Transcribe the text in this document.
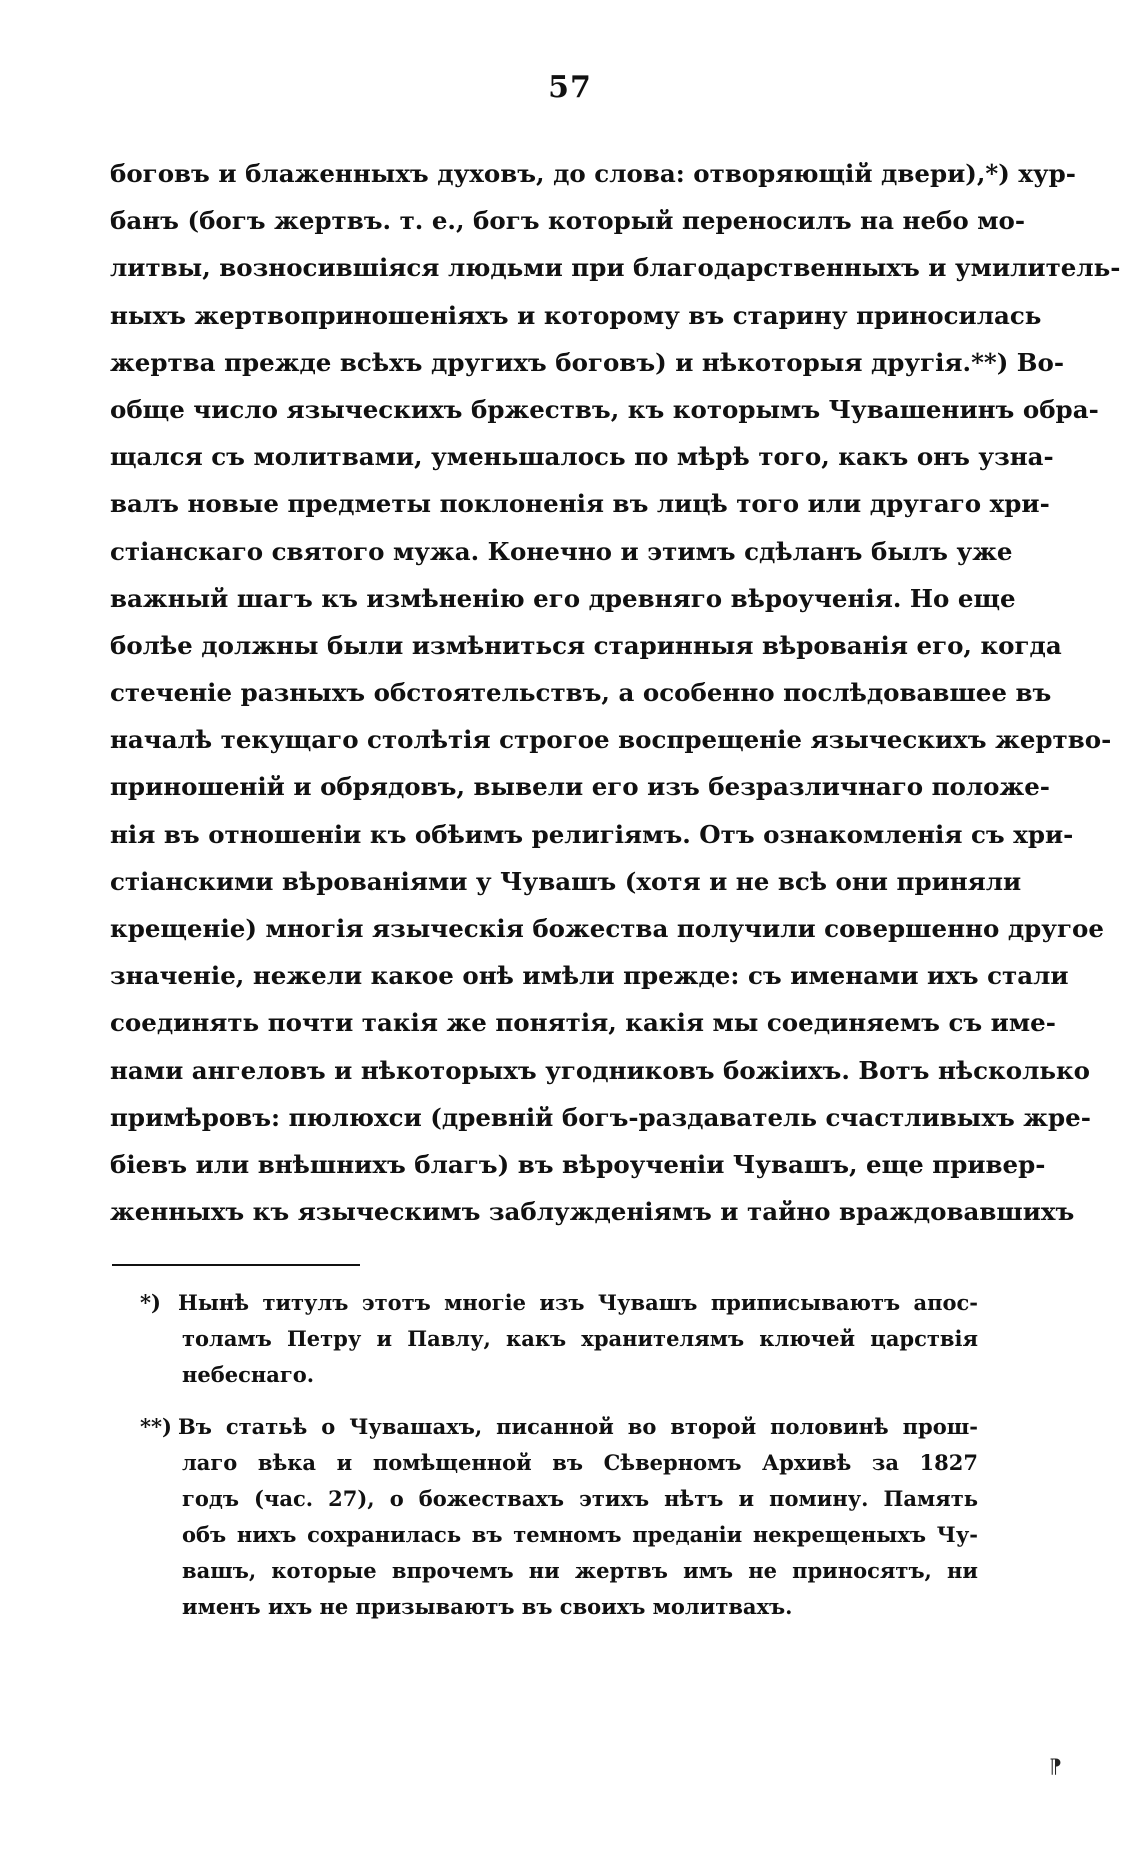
57
боговъ и блаженныхъ духовъ, до слова: отворяющій двери),*) хур-
банъ (богъ жертвъ. т. е., богъ который переносилъ на небо мо-
литвы, возносившіяся людьми при благодарственныхъ и умилитель-
ныхъ жертвоприношеніяхъ и которому въ старину приносилась
жертва прежде всѣхъ другихъ боговъ) и нѣкоторыя другія.**) Во-
обще число языческихъ бржествъ, къ которымъ Чувашенинъ обра-
щался съ молитвами, уменьшалось по мѣрѣ того, какъ онъ узна-
валъ новые предметы поклоненія въ лицѣ того или другаго хри-
стіанскаго святого мужа. Конечно и этимъ сдѣланъ былъ уже
важный шагъ къ измѣненію его древняго вѣроученія. Но еще
болѣе должны были измѣниться старинныя вѣрованія его, когда
стеченіе разныхъ обстоятельствъ, а особенно послѣдовавшее въ
началѣ текущаго столѣтія строгое воспрещеніе языческихъ жертво-
приношеній и обрядовъ, вывели его изъ безразличнаго положе-
нія въ отношеніи къ обѣимъ религіямъ. Отъ ознакомленія съ хри-
стіанскими вѣрованіями у Чувашъ (хотя и не всѣ они приняли
крещеніе) многія языческія божества получили совершенно другое
значеніе, нежели какое онѣ имѣли прежде: съ именами ихъ стали
соединять почти такія же понятія, какія мы соединяемъ съ име-
нами ангеловъ и нѣкоторыхъ угодниковъ божіихъ. Вотъ нѣсколько
примѣровъ: пюлюхси (древній богъ-раздаватель счастливыхъ жре-
біевъ или внѣшнихъ благъ) въ вѣроученіи Чувашъ, еще привер-
женныхъ къ языческимъ заблужденіямъ и тайно враждовавшихъ
*) Нынѣ титулъ этотъ многіе изъ Чувашъ приписываютъ апос-
толамъ Петру и Павлу, какъ хранителямъ ключей царствія
небеснаго.
**) Въ статьѣ о Чувашахъ, писанной во второй половинѣ прош-
лаго вѣка и помѣщенной въ Сѣверномъ Архивѣ за 1827
годъ (час. 27), о божествахъ этихъ нѣтъ и помину. Память
объ нихъ сохранилась въ темномъ преданіи некрещеныхъ Чу-
вашъ, которые впрочемъ ни жертвъ имъ не приносятъ, ни
именъ ихъ не призываютъ въ своихъ молитвахъ.
⁋
